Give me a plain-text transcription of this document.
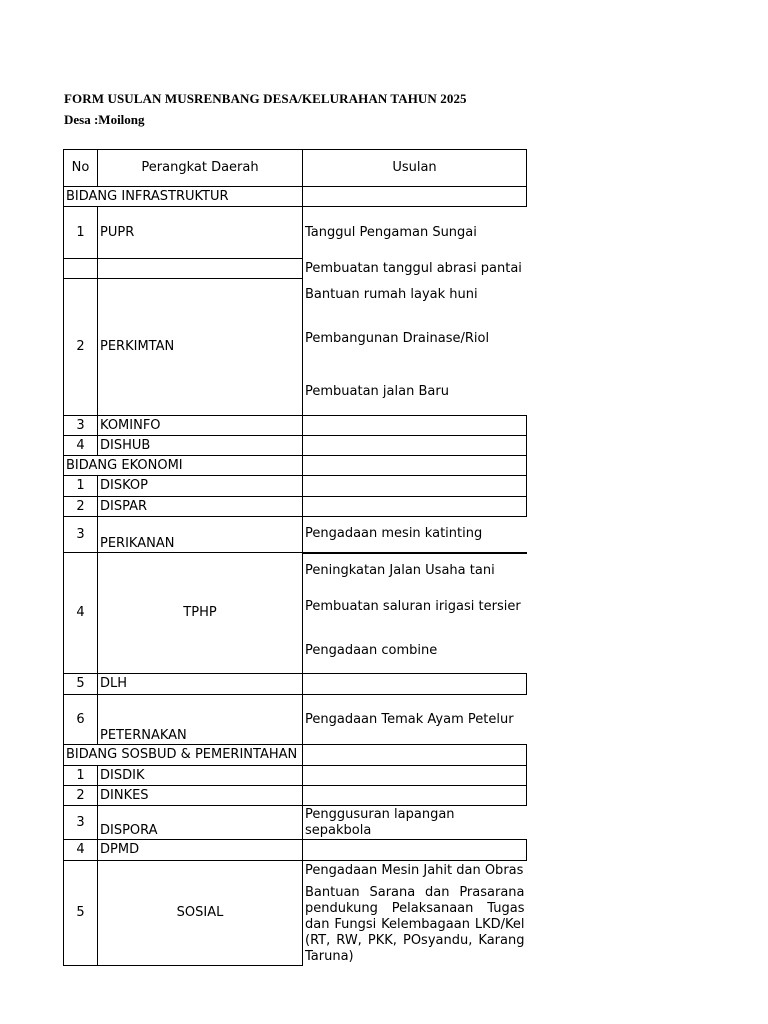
FORM USULAN MUSRENBANG DESA/KELURAHAN TAHUN 2025
Desa :Moilong
No	Perangkat Daerah	Usulan
BIDANG INFRASTRUKTUR		
1	PUPR	Tanggul Pengaman Sungai
		Pembuatan tanggul abrasi pantai
2	PERKIMTAN	Bantuan rumah layak huni
Pembangunan Drainase/Riol
Pembuatan jalan Baru

3	KOMINFO	
4	DISHUB	
BIDANG EKONOMI		
1	DISKOP	
2	DISPAR	
3	PERIKANAN	Pengadaan mesin katinting
4	TPHP	Peningkatan Jalan Usaha tani
Pembuatan saluran irigasi tersier
Pengadaan combine

5	DLH	
6	PETERNAKAN	Pengadaan Temak Ayam Petelur
BIDANG SOSBUD & PEMERINTAHAN		
1	DISDIK	
2	DINKES	
3	DISPORA	Penggusuran lapangan sepakbola
4	DPMD	
5	SOSIAL	Pengadaan Mesin Jahit dan Obras
Bantuan Sarana dan Prasarana pendukung Pelaksanaan Tugas dan Fungsi Kelembagaan LKD/Kel (RT, RW, PKK, POsyandu, Karang Taruna)
